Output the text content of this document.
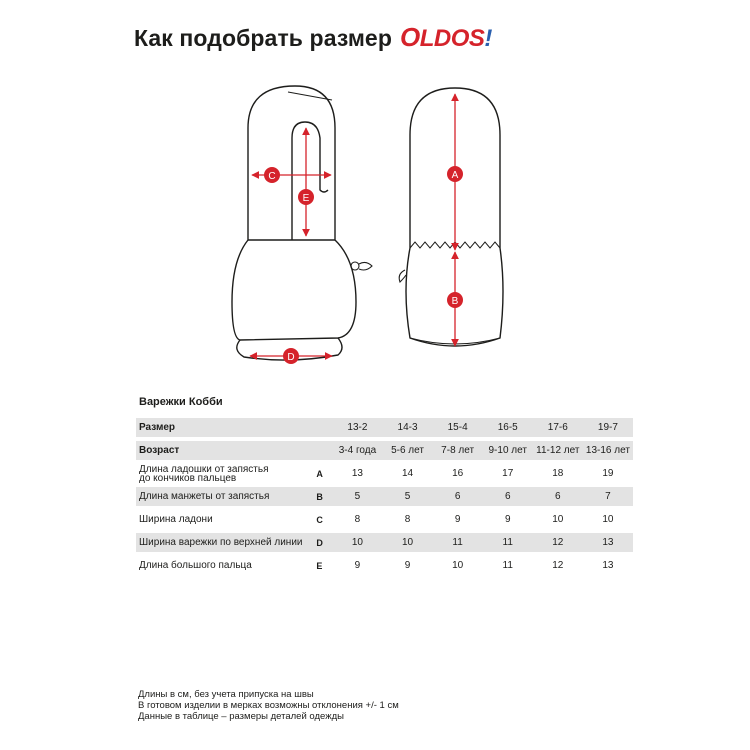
Как подобрать размер OLDOS!
C
E
D
A
B
Варежки Кобби
Размер		13-2	14-3	15-4	16-5	17-6	19-7
Возраст		3-4 года	5-6 лет	7-8 лет	9-10 лет	11-12 лет	13-16 лет
Длина ладошки от запястья
до кончиков пальцев	A	13	14	16	17	18	19
Длина манжеты от запястья	B	5	5	6	6	6	7
Ширина ладони	C	8	8	9	9	10	10
Ширина варежки по верхней линии	D	10	10	11	11	12	13
Длина большого пальца	E	9	9	10	11	12	13
Длины в см, без учета припуска на швы
В готовом изделии в мерках возможны отклонения +/- 1 см
Данные в таблице – размеры деталей одежды
